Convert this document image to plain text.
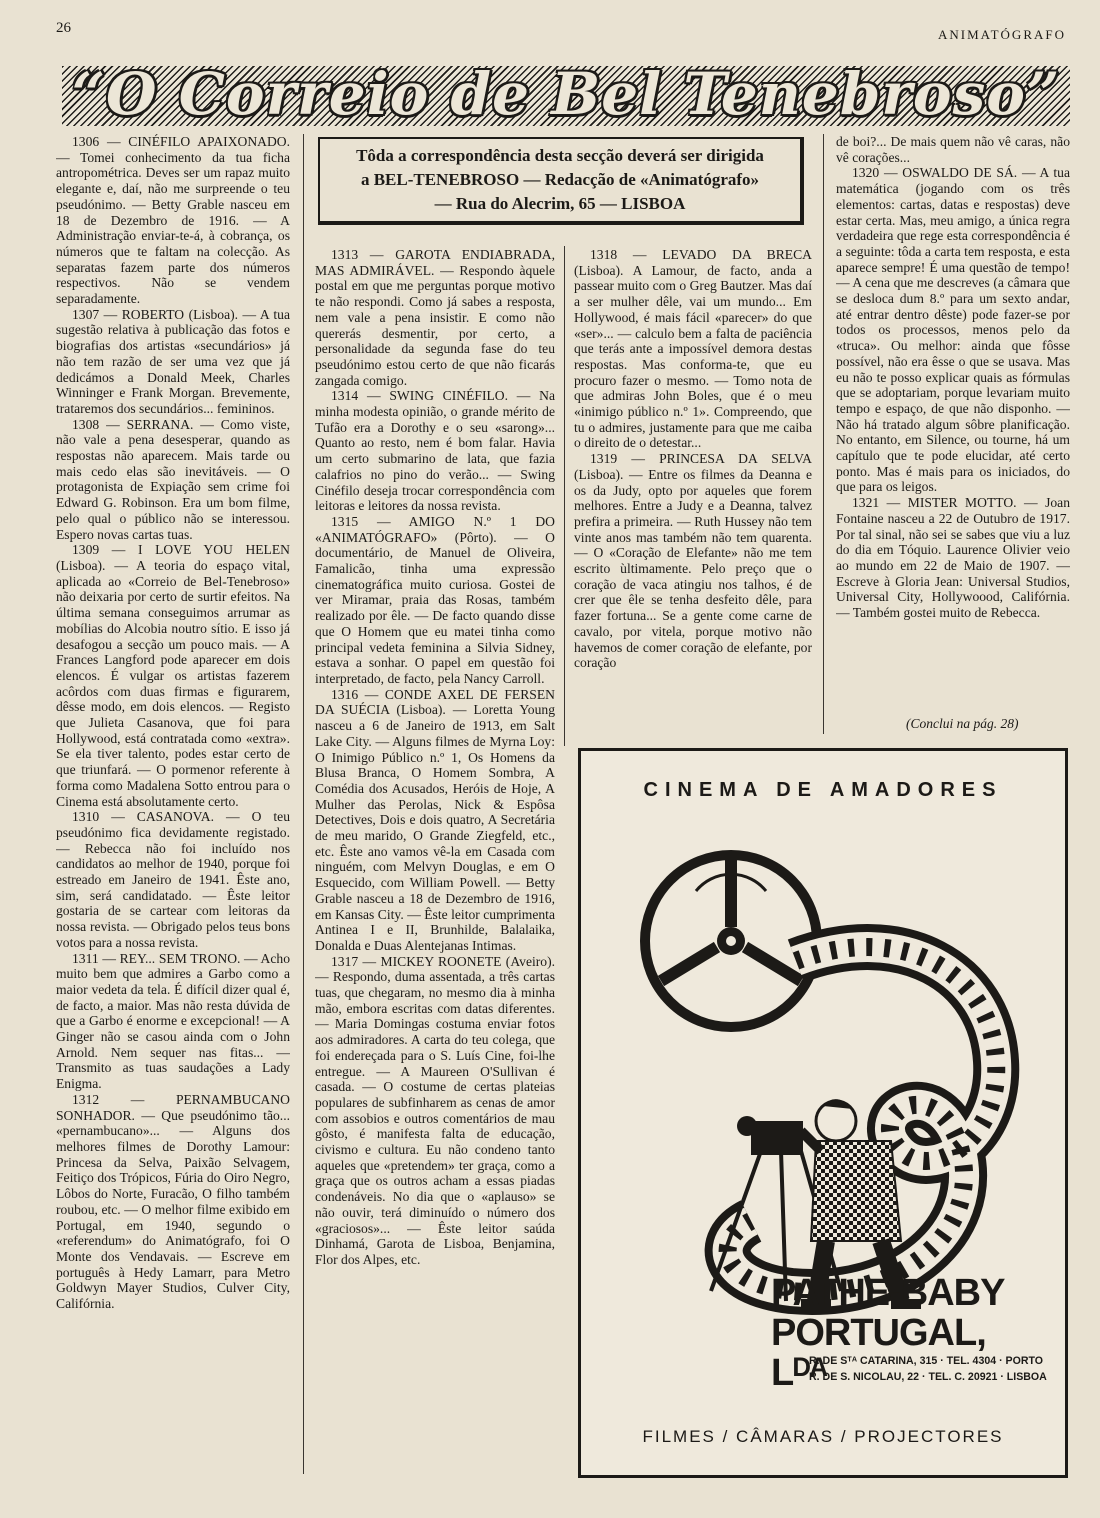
26	ANIMATÓGRAFO
“O Correio de Bel Tenebroso”
Tôda a correspondência desta secção deverá ser dirigida
a BEL-TENEBROSO — Redacção de «Animatógrafo»
— Rua do Alecrim, 65 — LISBOA

1306 — CINÉFILO APAIXONADO. — Tomei conhecimento da tua ficha antropométrica. Deves ser um rapaz muito elegante e, daí, não me surpreende o teu pseudónimo. — Betty Grable nasceu em 18 de Dezembro de 1916. — A Administração enviar-te-á, à cobrança, os números que te faltam na colecção. As separatas fazem parte dos números respectivos. Não se vendem separadamente.

1307 — ROBERTO (Lisboa). — A tua sugestão relativa à publicação das fotos e biografias dos artistas «secundários» já não tem razão de ser uma vez que já dedicámos a Donald Meek, Charles Winninger e Frank Morgan. Brevemente, trataremos dos secundários... femininos.

1308 — SERRANA. — Como viste, não vale a pena desesperar, quando as respostas não aparecem. Mais tarde ou mais cedo elas são inevitáveis. — O protagonista de Expiação sem crime foi Edward G. Robinson. Era um bom filme, pelo qual o público não se interessou. Espero novas cartas tuas.

1309 — I LOVE YOU HELEN (Lisboa). — A teoria do espaço vital, aplicada ao «Correio de Bel-Tenebroso» não deixaria por certo de surtir efeitos. Na última semana conseguimos arrumar as mobílias do Alcobia noutro sítio. E isso já desafogou a secção um pouco mais. — A Frances Langford pode aparecer em dois elencos. É vulgar os artistas fazerem acôrdos com duas firmas e figurarem, dêsse modo, em dois elencos. — Registo que Julieta Casanova, que foi para Hollywood, está contratada como «extra». Se ela tiver talento, podes estar certo de que triunfará. — O pormenor referente à forma como Madalena Sotto entrou para o Cinema está absolutamente certo.

1310 — CASANOVA. — O teu pseudónimo fica devidamente registado. — Rebecca não foi incluído nos candidatos ao melhor de 1940, porque foi estreado em Janeiro de 1941. Êste ano, sim, será candidatado. — Êste leitor gostaria de se cartear com leitoras da nossa revista. — Obrigado pelos teus bons votos para a nossa revista.

1311 — REY... SEM TRONO. — Acho muito bem que admires a Garbo como a maior vedeta da tela. É difícil dizer qual é, de facto, a maior. Mas não resta dúvida de que a Garbo é enorme e excepcional! — A Ginger não se casou ainda com o John Arnold. Nem sequer nas fitas... — Transmito as tuas saudações a Lady Enigma.

1312 — PERNAMBUCANO SONHADOR. — Que pseudónimo tão... «pernambucano»... — Alguns dos melhores filmes de Dorothy Lamour: Princesa da Selva, Paixão Selvagem, Feitiço dos Trópicos, Fúria do Oiro Negro, Lôbos do Norte, Furacão, O filho também roubou, etc. — O melhor filme exibido em Portugal, em 1940, segundo o «referendum» do Animatógrafo, foi O Monte dos Vendavais. — Escreve em português à Hedy Lamarr, para Metro Goldwyn Mayer Studios, Culver City, Califórnia.

1313 — GAROTA ENDIABRADA, MAS ADMIRÁVEL. — Respondo àquele postal em que me perguntas porque motivo te não respondi. Como já sabes a resposta, nem vale a pena insistir. E como não quererás desmentir, por certo, a personalidade da segunda fase do teu pseudónimo estou certo de que não ficarás zangada comigo.

1314 — SWING CINÉFILO. — Na minha modesta opinião, o grande mérito de Tufão era a Dorothy e o seu «sarong»... Quanto ao resto, nem é bom falar. Havia um certo submarino de lata, que fazia calafrios no pino do verão... — Swing Cinéfilo deseja trocar correspondência com leitoras e leitores da nossa revista.

1315 — AMIGO N.º 1 DO «ANIMATÓGRAFO» (Pôrto). — O documentário, de Manuel de Oliveira, Famalicão, tinha uma expressão cinematográfica muito curiosa. Gostei de ver Miramar, praia das Rosas, também realizado por êle. — De facto quando disse que O Homem que eu matei tinha como principal vedeta feminina a Silvia Sidney, estava a sonhar. O papel em questão foi interpretado, de facto, pela Nancy Carroll.

1316 — CONDE AXEL DE FERSEN DA SUÉCIA (Lisboa). — Loretta Young nasceu a 6 de Janeiro de 1913, em Salt Lake City. — Alguns filmes de Myrna Loy: O Inimigo Público n.º 1, Os Homens da Blusa Branca, O Homem Sombra, A Comédia dos Acusados, Heróis de Hoje, A Mulher das Perolas, Nick & Espôsa Detectives, Dois e dois quatro, A Secretária de meu marido, O Grande Ziegfeld, etc., etc. Êste ano vamos vê-la em Casada com ninguém, com Melvyn Douglas, e em O Esquecido, com William Powell. — Betty Grable nasceu a 18 de Dezembro de 1916, em Kansas City. — Êste leitor cumprimenta Antinea I e II, Brunhilde, Balalaika, Donalda e Duas Alentejanas Intimas.

1317 — MICKEY ROONETE (Aveiro). — Respondo, duma assentada, a três cartas tuas, que chegaram, no mesmo dia à minha mão, embora escritas com datas diferentes. — Maria Domingas costuma enviar fotos aos admiradores. A carta do teu colega, que foi endereçada para o S. Luís Cine, foi-lhe entregue. — A Maureen O'Sullivan é casada. — O costume de certas plateias populares de subfinharem as cenas de amor com assobios e outros comentários de mau gôsto, é manifesta falta de educação, civismo e cultura. Eu não condeno tanto aqueles que «pretendem» ter graça, como a graça que os outros acham a essas piadas condenáveis. No dia que o «aplauso» se não ouvir, terá diminuído o número dos «graciosos»... — Êste leitor saúda Dinhamá, Garota de Lisboa, Benjamina, Flor dos Alpes, etc.

1318 — LEVADO DA BRECA (Lisboa). A Lamour, de facto, anda a passear muito com o Greg Bautzer. Mas daí a ser mulher dêle, vai um mundo... Em Hollywood, é mais fácil «parecer» do que «ser»... — calculo bem a falta de paciência que terás ante a impossível demora destas respostas. Mas conforma-te, que eu procuro fazer o mesmo. — Tomo nota de que admiras John Boles, que é o meu «inimigo público n.º 1». Compreendo, que tu o admires, justamente para que me caiba o direito de o detestar...

1319 — PRINCESA DA SELVA (Lisboa). — Entre os filmes da Deanna e os da Judy, opto por aqueles que forem melhores. Entre a Judy e a Deanna, talvez prefira a primeira. — Ruth Hussey não tem vinte anos mas também não tem quarenta. — O «Coração de Elefante» não me tem escrito ùltimamente. Pelo preço que o coração de vaca atingiu nos talhos, é de crer que êle se tenha desfeito dêle, para fazer fortuna... Se a gente come carne de cavalo, por vitela, porque motivo não havemos de comer coração de elefante, por coração

de boi?... De mais quem não vê caras, não vê corações...

1320 — OSWALDO DE SÁ. — A tua matemática (jogando com os três elementos: cartas, datas e respostas) deve estar certa. Mas, meu amigo, a única regra verdadeira que rege esta correspondência é a seguinte: tôda a carta tem resposta, e esta aparece sempre! É uma questão de tempo! — A cena que me descreves (a câmara que se desloca dum 8.º para um sexto andar, até entrar dentro dêste) pode fazer-se por todos os processos, menos pelo da «truca». Ou melhor: ainda que fôsse possível, não era êsse o que se usava. Mas eu não te posso explicar quais as fórmulas que se adoptariam, porque levariam muito tempo e espaço, de que não disponho. — Não há tratado algum sôbre planificação. No entanto, em Silence, ou tourne, há um capítulo que te pode elucidar, até certo ponto. Mas é mais para os iniciados, do que para os leigos.

1321 — MISTER MOTTO. — Joan Fontaine nasceu a 22 de Outubro de 1917. Por tal sinal, não sei se sabes que viu a luz do dia em Tóquio. Laurence Olivier veio ao mundo em 22 de Maio de 1907. — Escreve à Gloria Jean: Universal Studios, Universal City, Hollywoood, Califórnia. — Também gostei muito de Rebecca.

(Conclui na pág. 28)
CINEMA DE AMADORES
PATHE-BABY
PORTUGAL, Lᴰᴬ
R. DE Sᵀᴬ CATARINA, 315 · TEL. 4304 · PORTO
R. DE S. NICOLAU, 22 · TEL. C. 20921 · LISBOA
FILMES / CÂMARAS / PROJECTORES
